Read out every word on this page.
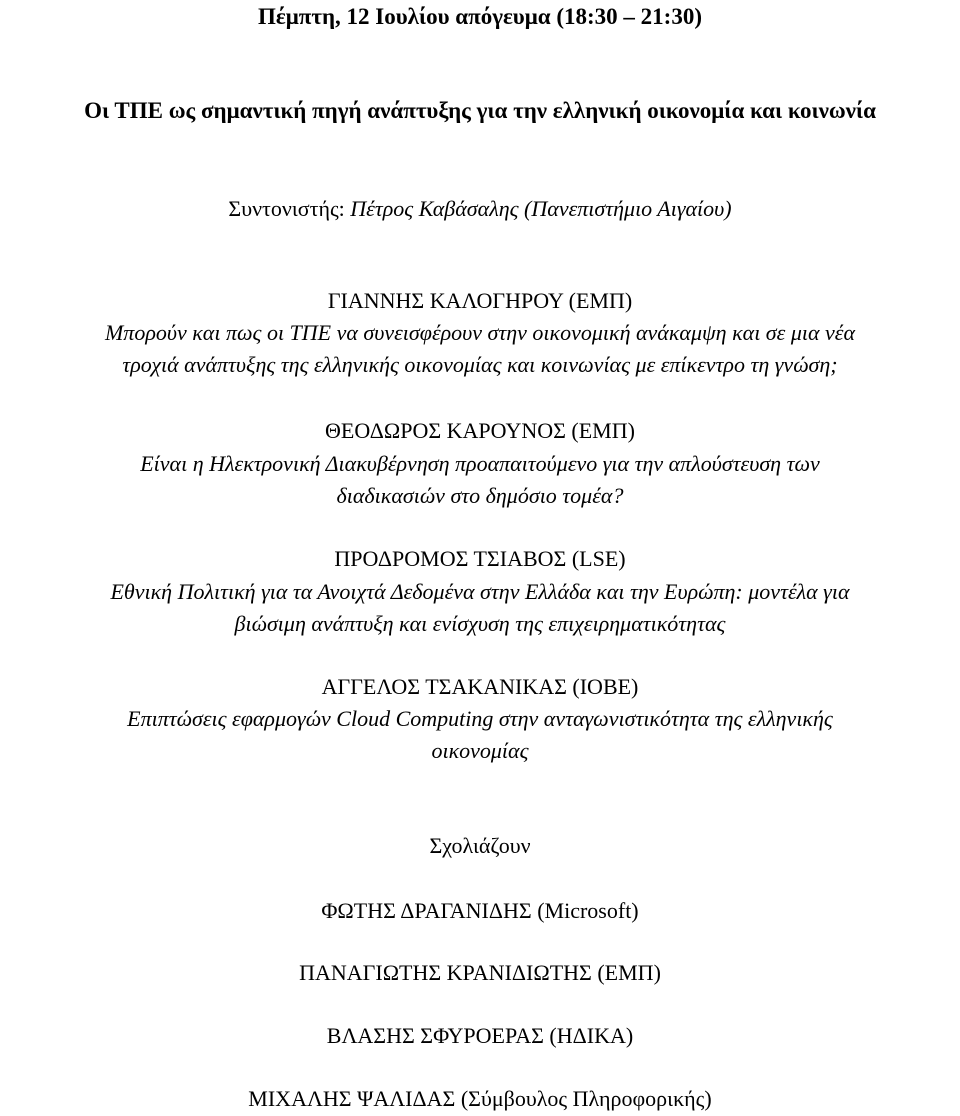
Πέμπτη, 12 Ιουλίου απόγευμα (18:30 – 21:30)
Οι ΤΠΕ ως σημαντική πηγή ανάπτυξης για την ελληνική οικονομία και κοινωνία
Συντονιστής: Πέτρος Καβάσαλης (Πανεπιστήμιο Αιγαίου)
ΓΙΑΝΝΗΣ ΚΑΛΟΓΗΡΟΥ (ΕΜΠ)
Μπορούν και πως οι ΤΠΕ να συνεισφέρουν στην οικονομική ανάκαμψη και σε μια νέα
τροχιά ανάπτυξης της ελληνικής οικονομίας και κοινωνίας με επίκεντρο τη γνώση;
ΘΕΟΔΩΡΟΣ ΚΑΡΟΥΝΟΣ (ΕΜΠ)
Είναι η Ηλεκτρονική Διακυβέρνηση προαπαιτούμενο για την απλούστευση των
διαδικασιών στο δημόσιο τομέα?
ΠΡΟΔΡΟΜΟΣ ΤΣΙΑΒΟΣ (LSE)
Εθνική Πολιτική για τα Ανοιχτά Δεδομένα στην Ελλάδα και την Ευρώπη: μοντέλα για
βιώσιμη ανάπτυξη και ενίσχυση της επιχειρηματικότητας
ΑΓΓΕΛΟΣ ΤΣΑΚΑΝΙΚΑΣ (ΙΟΒΕ)
Επιπτώσεις εφαρμογών Cloud Computing στην ανταγωνιστικότητα της ελληνικής
οικονομίας
Σχολιάζουν
ΦΩΤΗΣ ΔΡΑΓΑΝΙΔΗΣ (Microsoft)
ΠΑΝΑΓΙΩΤΗΣ ΚΡΑΝΙΔΙΩΤΗΣ (ΕΜΠ)
ΒΛΑΣΗΣ ΣΦΥΡΟΕΡΑΣ (ΗΔΙΚΑ)
ΜΙΧΑΛΗΣ ΨΑΛΙΔΑΣ (Σύμβουλος Πληροφορικής)
